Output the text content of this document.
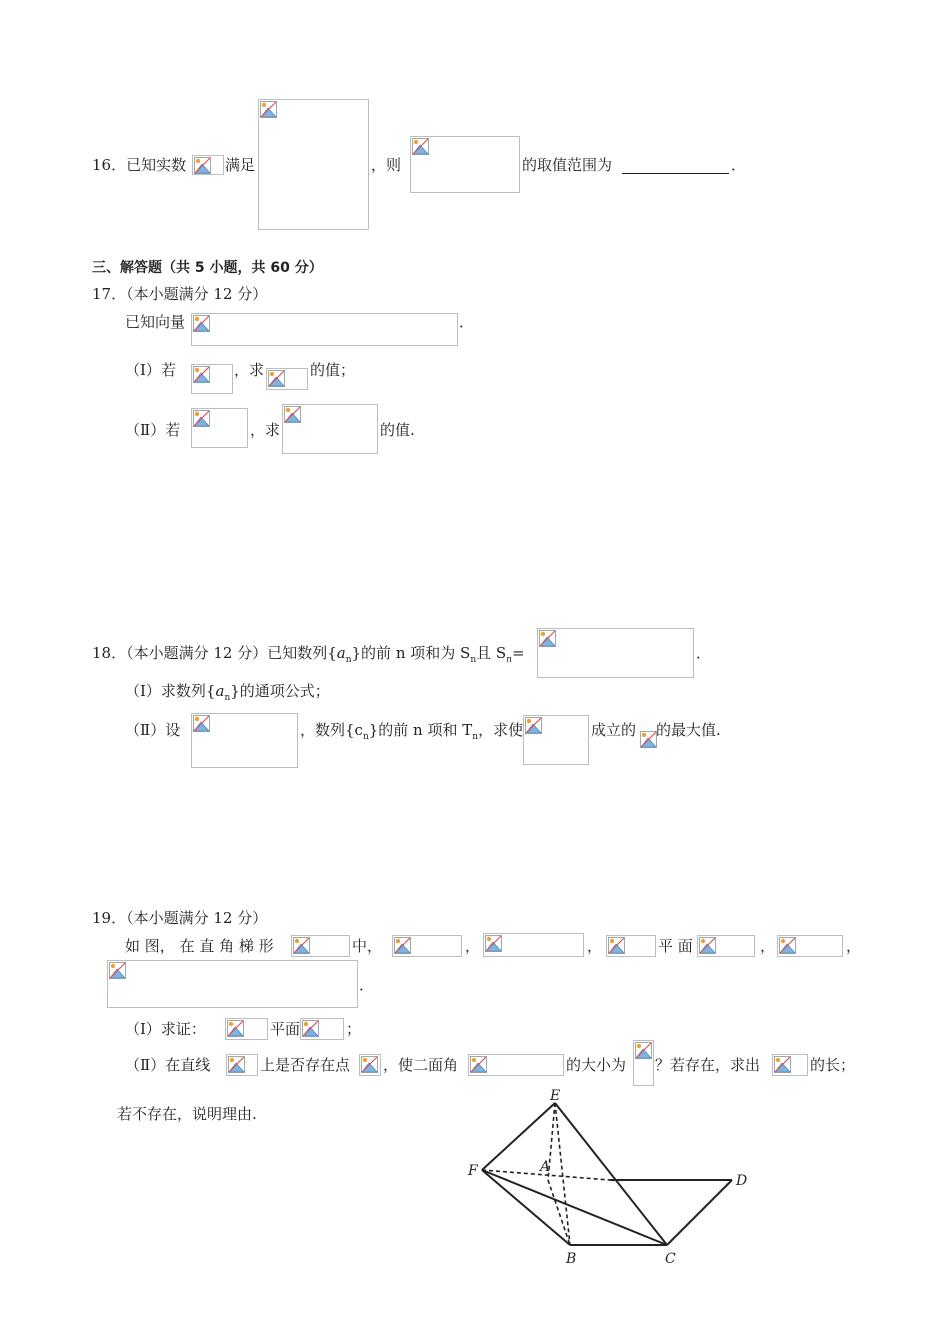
16．已知实数	满足	，则	的取值范围为	．
三、解答题（共 5 小题，共 60 分）
17．（本小题满分 12 分）
已知向量	．
（Ⅰ）若	，求	的值；
（Ⅱ）若	，求	的值.
18．（本小题满分 12 分）已知数列$\{a_n\}$的前 n 项和为 $S_n$且 $S_n=$	．
（Ⅰ）求数列$\{a_n\}$的通项公式；
（Ⅱ）设	，数列$\{c_n\}$的前 n 项和 $T_n$，求使	成立的 的最大值.
19．（本小题满分 12 分）
如 图， 在 直 角 梯 形	中，	，	，	平 面	，	，
．
（Ⅰ）求证：	平面	；
（Ⅱ）在直线	上是否存在点 ，使二面角	的大小为 ？若存在，求出	的长；
若不存在，说明理由.
E
F	A
D
B	C
